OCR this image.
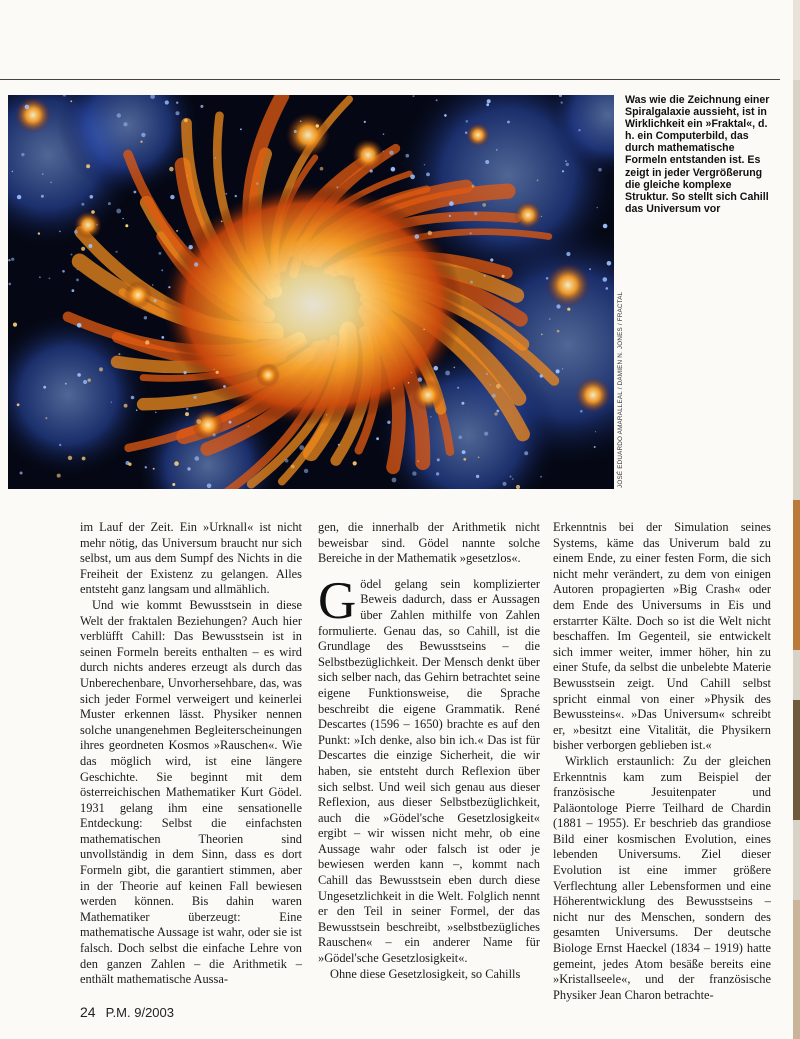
JOSÉ EDUARDO AMARALLEAL / DAMIEN N. JONES / FRACTAL
Was wie die Zeichnung einer Spiralgalaxie aussieht, ist in Wirklichkeit ein »Fraktal«, d. h. ein Computerbild, das durch mathematische Formeln entstanden ist. Es zeigt in jeder Vergrößerung die gleiche komplexe Struktur. So stellt sich Cahill das Universum vor

im Lauf der Zeit. Ein »Urknall« ist nicht mehr nötig, das Universum braucht nur sich selbst, um aus dem Sumpf des Nichts in die Freiheit der Existenz zu gelangen. Alles entsteht ganz langsam und allmählich.

Und wie kommt Bewusstsein in diese Welt der fraktalen Beziehungen? Auch hier verblüfft Cahill: Das Bewusstsein ist in seinen Formeln bereits enthalten – es wird durch nichts anderes erzeugt als durch das Unberechenbare, Unvorhersehbare, das, was sich jeder Formel verweigert und keinerlei Muster erkennen lässt. Physiker nennen solche unangenehmen Begleiterscheinungen ihres geordneten Kosmos »Rauschen«. Wie das möglich wird, ist eine längere Geschichte. Sie beginnt mit dem österreichischen Mathematiker Kurt Gödel. 1931 gelang ihm eine sensationelle Entdeckung: Selbst die einfachsten mathematischen Theorien sind unvollständig in dem Sinn, dass es dort Formeln gibt, die garantiert stimmen, aber in der Theorie auf keinen Fall bewiesen werden können. Bis dahin waren Mathematiker überzeugt: Eine mathematische Aussage ist wahr, oder sie ist falsch. Doch selbst die einfache Lehre von den ganzen Zahlen – die Arithmetik – enthält mathematische Aussa-

gen, die innerhalb der Arithmetik nicht beweisbar sind. Gödel nannte solche Bereiche in der Mathematik »gesetzlos«.

Gödel gelang sein komplizierter Beweis dadurch, dass er Aussagen über Zahlen mithilfe von Zahlen formulierte. Genau das, so Cahill, ist die Grundlage des Bewusstseins – die Selbstbezüglichkeit. Der Mensch denkt über sich selber nach, das Gehirn betrachtet seine eigene Funktionsweise, die Sprache beschreibt die eigene Grammatik. René Descartes (1596 – 1650) brachte es auf den Punkt: »Ich denke, also bin ich.« Das ist für Descartes die einzige Sicherheit, die wir haben, sie entsteht durch Reflexion über sich selbst. Und weil sich genau aus dieser Reflexion, aus dieser Selbstbezüglichkeit, auch die »Gödel'sche Gesetzlosigkeit« ergibt – wir wissen nicht mehr, ob eine Aussage wahr oder falsch ist oder je bewiesen werden kann –, kommt nach Cahill das Bewusstsein eben durch diese Ungesetzlichkeit in die Welt. Folglich nennt er den Teil in seiner Formel, der das Bewusstsein beschreibt, »selbstbezügliches Rauschen« – ein anderer Name für »Gödel'sche Gesetzlosigkeit«.

Ohne diese Gesetzlosigkeit, so Cahills

Erkenntnis bei der Simulation seines Systems, käme das Univerum bald zu einem Ende, zu einer festen Form, die sich nicht mehr verändert, zu dem von einigen Autoren propagierten »Big Crash« oder dem Ende des Universums in Eis und erstarrter Kälte. Doch so ist die Welt nicht beschaffen. Im Gegenteil, sie entwickelt sich immer weiter, immer höher, hin zu einer Stufe, da selbst die unbelebte Materie Bewusstsein zeigt. Und Cahill selbst spricht einmal von einer »Physik des Bewussteins«. »Das Universum« schreibt er, »besitzt eine Vitalität, die Physikern bisher verborgen geblieben ist.«

Wirklich erstaunlich: Zu der gleichen Erkenntnis kam zum Beispiel der französische Jesuitenpater und Paläontologe Pierre Teilhard de Chardin (1881 – 1955). Er beschrieb das grandiose Bild einer kosmischen Evolution, eines lebenden Universums. Ziel dieser Evolution ist eine immer größere Verflechtung aller Lebensformen und eine Höherentwicklung des Bewusstseins – nicht nur des Menschen, sondern des gesamten Universums. Der deutsche Biologe Ernst Haeckel (1834 – 1919) hatte gemeint, jedes Atom besäße bereits eine »Kristallseele«, und der französische Physiker Jean Charon betrachte-

24 P.M. 9/2003
